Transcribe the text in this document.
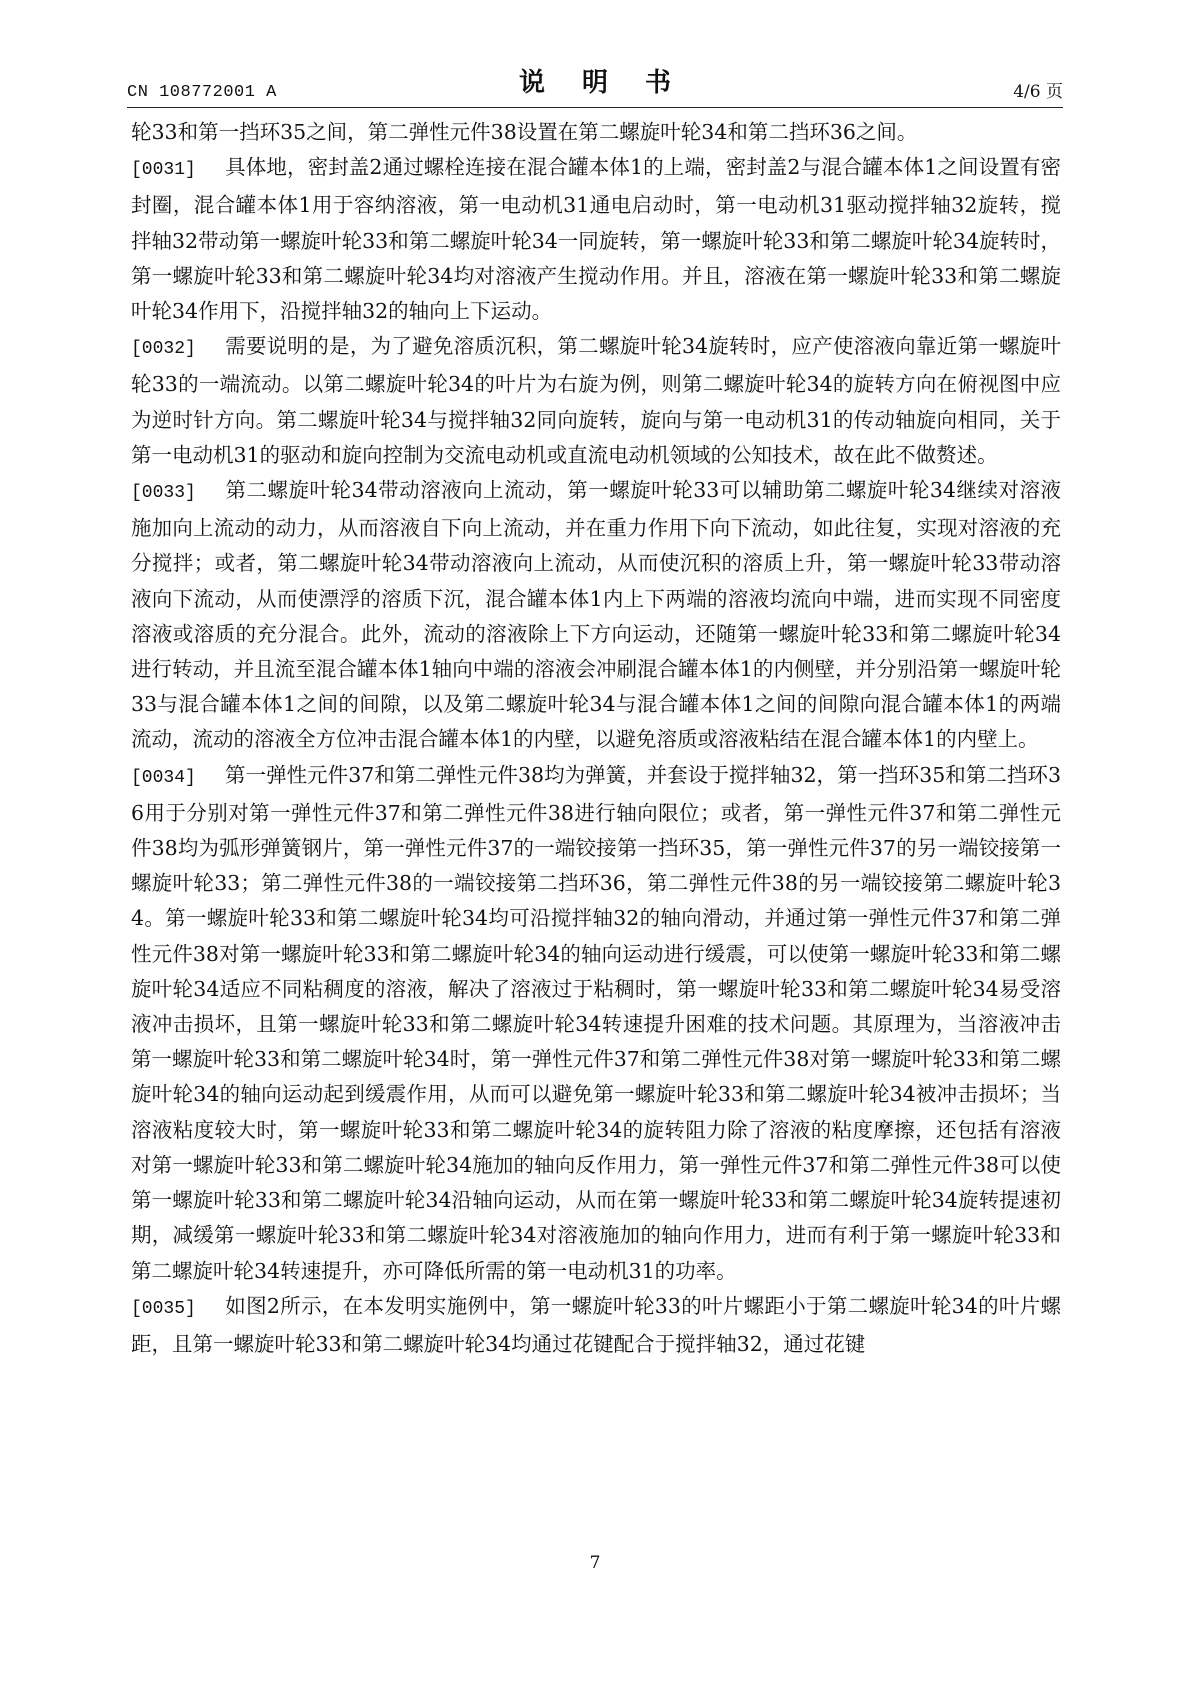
CN 108772001 A	说 明 书	4/6 页

轮33和第一挡环35之间，第二弹性元件38设置在第二螺旋叶轮34和第二挡环36之间。

[0031] 具体地，密封盖2通过螺栓连接在混合罐本体1的上端，密封盖2与混合罐本体1之间设置有密封圈，混合罐本体1用于容纳溶液，第一电动机31通电启动时，第一电动机31驱动搅拌轴32旋转，搅拌轴32带动第一螺旋叶轮33和第二螺旋叶轮34一同旋转，第一螺旋叶轮33和第二螺旋叶轮34旋转时，第一螺旋叶轮33和第二螺旋叶轮34均对溶液产生搅动作用。并且，溶液在第一螺旋叶轮33和第二螺旋叶轮34作用下，沿搅拌轴32的轴向上下运动。

[0032] 需要说明的是，为了避免溶质沉积，第二螺旋叶轮34旋转时，应产使溶液向靠近第一螺旋叶轮33的一端流动。以第二螺旋叶轮34的叶片为右旋为例，则第二螺旋叶轮34的旋转方向在俯视图中应为逆时针方向。第二螺旋叶轮34与搅拌轴32同向旋转，旋向与第一电动机31的传动轴旋向相同，关于第一电动机31的驱动和旋向控制为交流电动机或直流电动机领域的公知技术，故在此不做赘述。

[0033] 第二螺旋叶轮34带动溶液向上流动，第一螺旋叶轮33可以辅助第二螺旋叶轮34继续对溶液施加向上流动的动力，从而溶液自下向上流动，并在重力作用下向下流动，如此往复，实现对溶液的充分搅拌；或者，第二螺旋叶轮34带动溶液向上流动，从而使沉积的溶质上升，第一螺旋叶轮33带动溶液向下流动，从而使漂浮的溶质下沉，混合罐本体1内上下两端的溶液均流向中端，进而实现不同密度溶液或溶质的充分混合。此外，流动的溶液除上下方向运动，还随第一螺旋叶轮33和第二螺旋叶轮34进行转动，并且流至混合罐本体1轴向中端的溶液会冲刷混合罐本体1的内侧壁，并分别沿第一螺旋叶轮33与混合罐本体1之间的间隙，以及第二螺旋叶轮34与混合罐本体1之间的间隙向混合罐本体1的两端流动，流动的溶液全方位冲击混合罐本体1的内壁，以避免溶质或溶液粘结在混合罐本体1的内壁上。

[0034] 第一弹性元件37和第二弹性元件38均为弹簧，并套设于搅拌轴32，第一挡环35和第二挡环36用于分别对第一弹性元件37和第二弹性元件38进行轴向限位；或者，第一弹性元件37和第二弹性元件38均为弧形弹簧钢片，第一弹性元件37的一端铰接第一挡环35，第一弹性元件37的另一端铰接第一螺旋叶轮33；第二弹性元件38的一端铰接第二挡环36，第二弹性元件38的另一端铰接第二螺旋叶轮34。第一螺旋叶轮33和第二螺旋叶轮34均可沿搅拌轴32的轴向滑动，并通过第一弹性元件37和第二弹性元件38对第一螺旋叶轮33和第二螺旋叶轮34的轴向运动进行缓震，可以使第一螺旋叶轮33和第二螺旋叶轮34适应不同粘稠度的溶液，解决了溶液过于粘稠时，第一螺旋叶轮33和第二螺旋叶轮34易受溶液冲击损坏，且第一螺旋叶轮33和第二螺旋叶轮34转速提升困难的技术问题。其原理为，当溶液冲击第一螺旋叶轮33和第二螺旋叶轮34时，第一弹性元件37和第二弹性元件38对第一螺旋叶轮33和第二螺旋叶轮34的轴向运动起到缓震作用，从而可以避免第一螺旋叶轮33和第二螺旋叶轮34被冲击损坏；当溶液粘度较大时，第一螺旋叶轮33和第二螺旋叶轮34的旋转阻力除了溶液的粘度摩擦，还包括有溶液对第一螺旋叶轮33和第二螺旋叶轮34施加的轴向反作用力，第一弹性元件37和第二弹性元件38可以使第一螺旋叶轮33和第二螺旋叶轮34沿轴向运动，从而在第一螺旋叶轮33和第二螺旋叶轮34旋转提速初期，减缓第一螺旋叶轮33和第二螺旋叶轮34对溶液施加的轴向作用力，进而有利于第一螺旋叶轮33和第二螺旋叶轮34转速提升，亦可降低所需的第一电动机31的功率。

[0035] 如图2所示，在本发明实施例中，第一螺旋叶轮33的叶片螺距小于第二螺旋叶轮34的叶片螺距，且第一螺旋叶轮33和第二螺旋叶轮34均通过花键配合于搅拌轴32，通过花键

7
